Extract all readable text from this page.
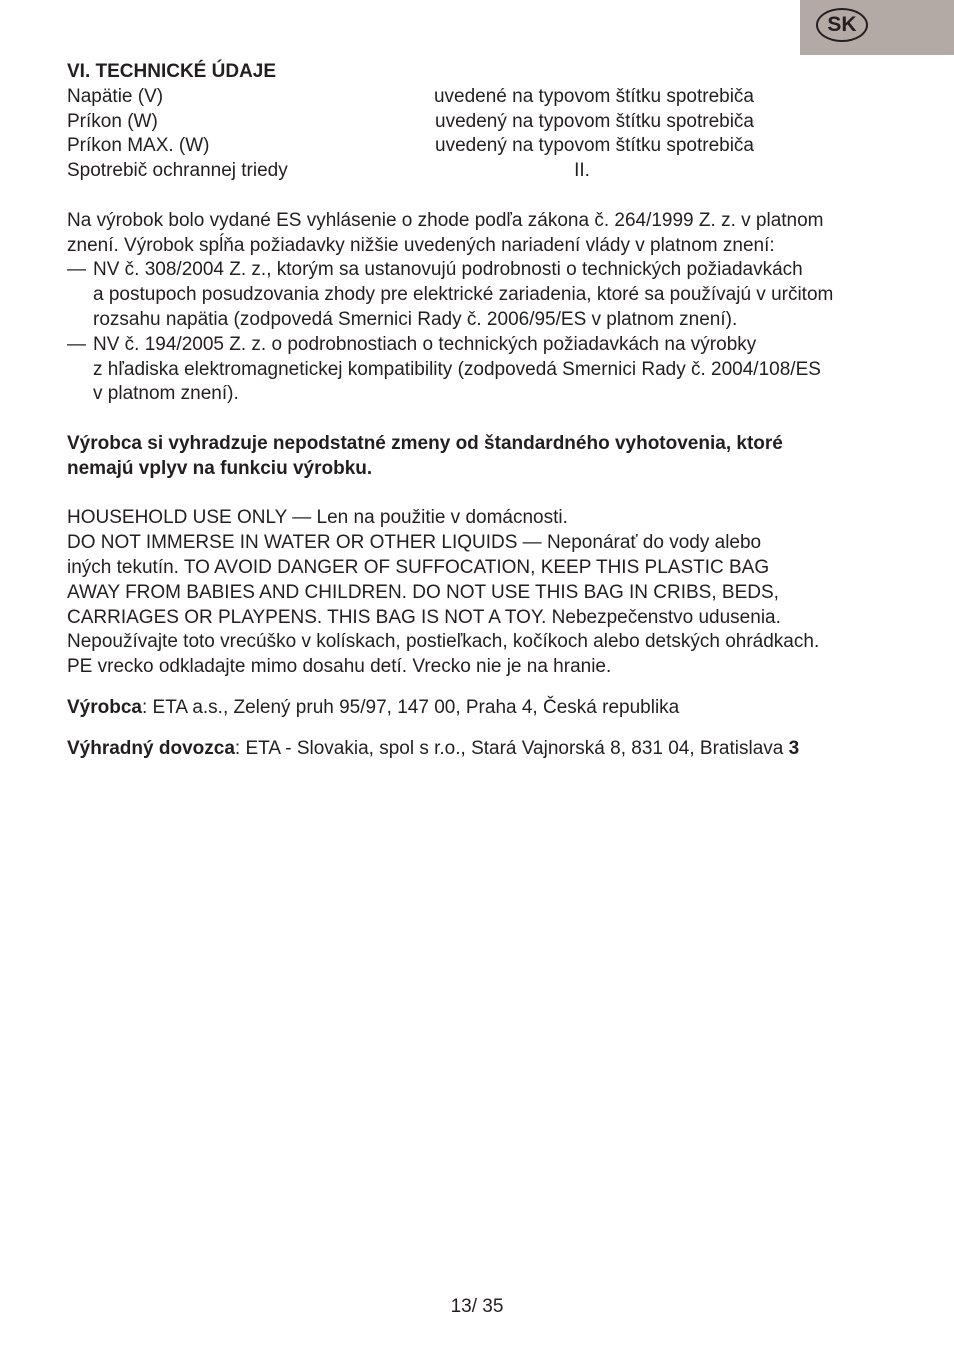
SK
VI. TECHNICKÉ ÚDAJE
Napätie (V)	uvedené na typovom štítku spotrebiča
Príkon (W)	uvedený na typovom štítku spotrebiča
Príkon MAX. (W)	uvedený na typovom štítku spotrebiča
Spotrebič ochrannej triedy	II.
Na výrobok bolo vydané ES vyhlásenie o zhode podľa zákona č. 264/1999 Z. z. v platnom
znení. Výrobok spĺňa požiadavky nižšie uvedených nariadení vlády v platnom znení:
— NV č. 308/2004 Z. z., ktorým sa ustanovujú podrobnosti o technických požiadavkách
a postupoch posudzovania zhody pre elektrické zariadenia, ktoré sa používajú v určitom
rozsahu napätia (zodpovedá Smernici Rady č. 2006/95/ES v platnom znení).
— NV č. 194/2005 Z. z. o podrobnostiach o technických požiadavkách na výrobky
z hľadiska elektromagnetickej kompatibility (zodpovedá Smernici Rady č. 2004/108/ES
v platnom znení).
Výrobca si vyhradzuje nepodstatné zmeny od štandardného vyhotovenia, ktoré
nemajú vplyv na funkciu výrobku.
HOUSEHOLD USE ONLY — Len na použitie v domácnosti.
DO NOT IMMERSE IN WATER OR OTHER LIQUIDS — Neponárať do vody alebo
iných tekutín. TO AVOID DANGER OF SUFFOCATION, KEEP THIS PLASTIC BAG
AWAY FROM BABIES AND CHILDREN. DO NOT USE THIS BAG IN CRIBS, BEDS,
CARRIAGES OR PLAYPENS. THIS BAG IS NOT A TOY. Nebezpečenstvo udusenia.
Nepoužívajte toto vrecúško v kolískach, postieľkach, kočíkoch alebo detských ohrádkach.
PE vrecko odkladajte mimo dosahu detí. Vrecko nie je na hranie.
Výrobca: ETA a.s., Zelený pruh 95/97, 147 00, Praha 4, Česká republika
Výhradný dovozca: ETA - Slovakia, spol s r.o., Stará Vajnorská 8, 831 04, Bratislava 3
13/ 35
